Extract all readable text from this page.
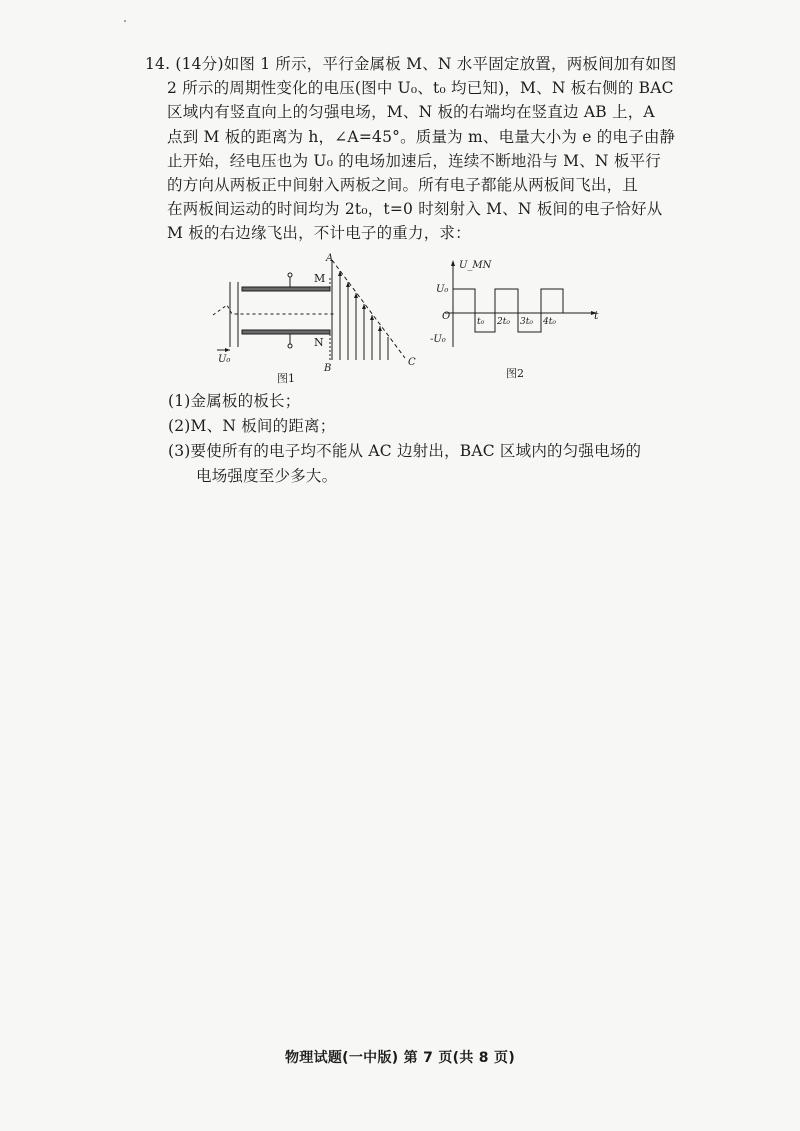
14. (14分)如图 1 所示，平行金属板 M、N 水平固定放置，两板间加有如图
2 所示的周期性变化的电压(图中 U₀、t₀ 均已知)，M、N 板右侧的 BAC
区域内有竖直向上的匀强电场，M、N 板的右端均在竖直边 AB 上，A
点到 M 板的距离为 h，∠A=45°。质量为 m、电量大小为 e 的电子由静
止开始，经电压也为 U₀ 的电场加速后，连续不断地沿与 M、N 板平行
的方向从两板正中间射入两板之间。所有电子都能从两板间飞出，且
在两板间运动的时间均为 2t₀，t=0 时刻射入 M、N 板间的电子恰好从
M 板的右边缘飞出，不计电子的重力，求：
M
N
A
B
C
U₀
图1
U_MN
U₀
O
-U₀
t
t₀ 2t₀ 3t₀ 4t₀
图2
(1)金属板的板长；
(2)M、N 板间的距离；
(3)要使所有的电子均不能从 AC 边射出，BAC 区域内的匀强电场的
电场强度至少多大。
物理试题(一中版) 第 7 页(共 8 页)
